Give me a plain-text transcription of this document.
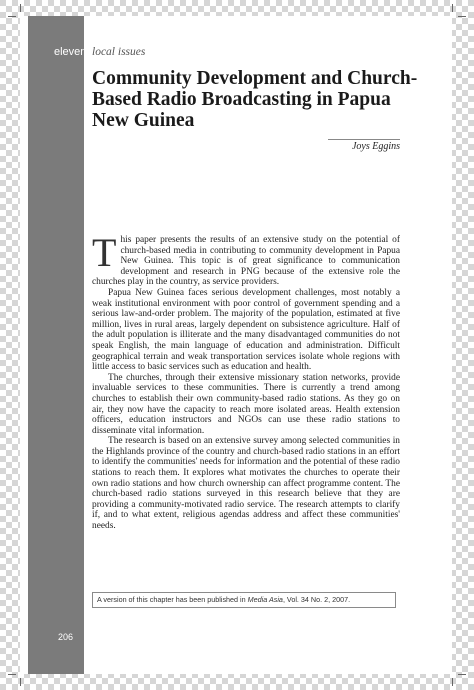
eleven local issues
Community Development and Church-Based Radio Broadcasting in Papua New Guinea
Joys Eggins

This paper presents the results of an extensive study on the potential of church-based media in contributing to community development in Papua New Guinea. This topic is of great significance to communication development and research in PNG because of the extensive role the churches play in the country, as service providers.

Papua New Guinea faces serious development challenges, most notably a weak institutional environment with poor control of government spending and a serious law-and-order problem. The majority of the population, estimated at five million, lives in rural areas, largely dependent on subsistence agriculture. Half of the adult population is illiterate and the many disadvantaged communities do not speak English, the main language of education and administration. Difficult geographical terrain and weak transportation services isolate whole regions with little access to basic services such as education and health.

The churches, through their extensive missionary station networks, provide invaluable services to these communities. There is currently a trend among churches to establish their own community-based radio stations. As they go on air, they now have the capacity to reach more isolated areas. Health extension officers, education instructors and NGOs can use these radio stations to disseminate vital information.

The research is based on an extensive survey among selected communities in the Highlands province of the country and church-based radio stations in an effort to identify the communities' needs for information and the potential of these radio stations to reach them. It explores what motivates the churches to operate their own radio stations and how church ownership can affect programme content. The church-based radio stations surveyed in this research believe that they are providing a community-motivated radio service. The research attempts to clarify if, and to what extent, religious agendas address and affect these communities' needs.

A version of this chapter has been published in Media Asia, Vol. 34 No. 2, 2007.
206
